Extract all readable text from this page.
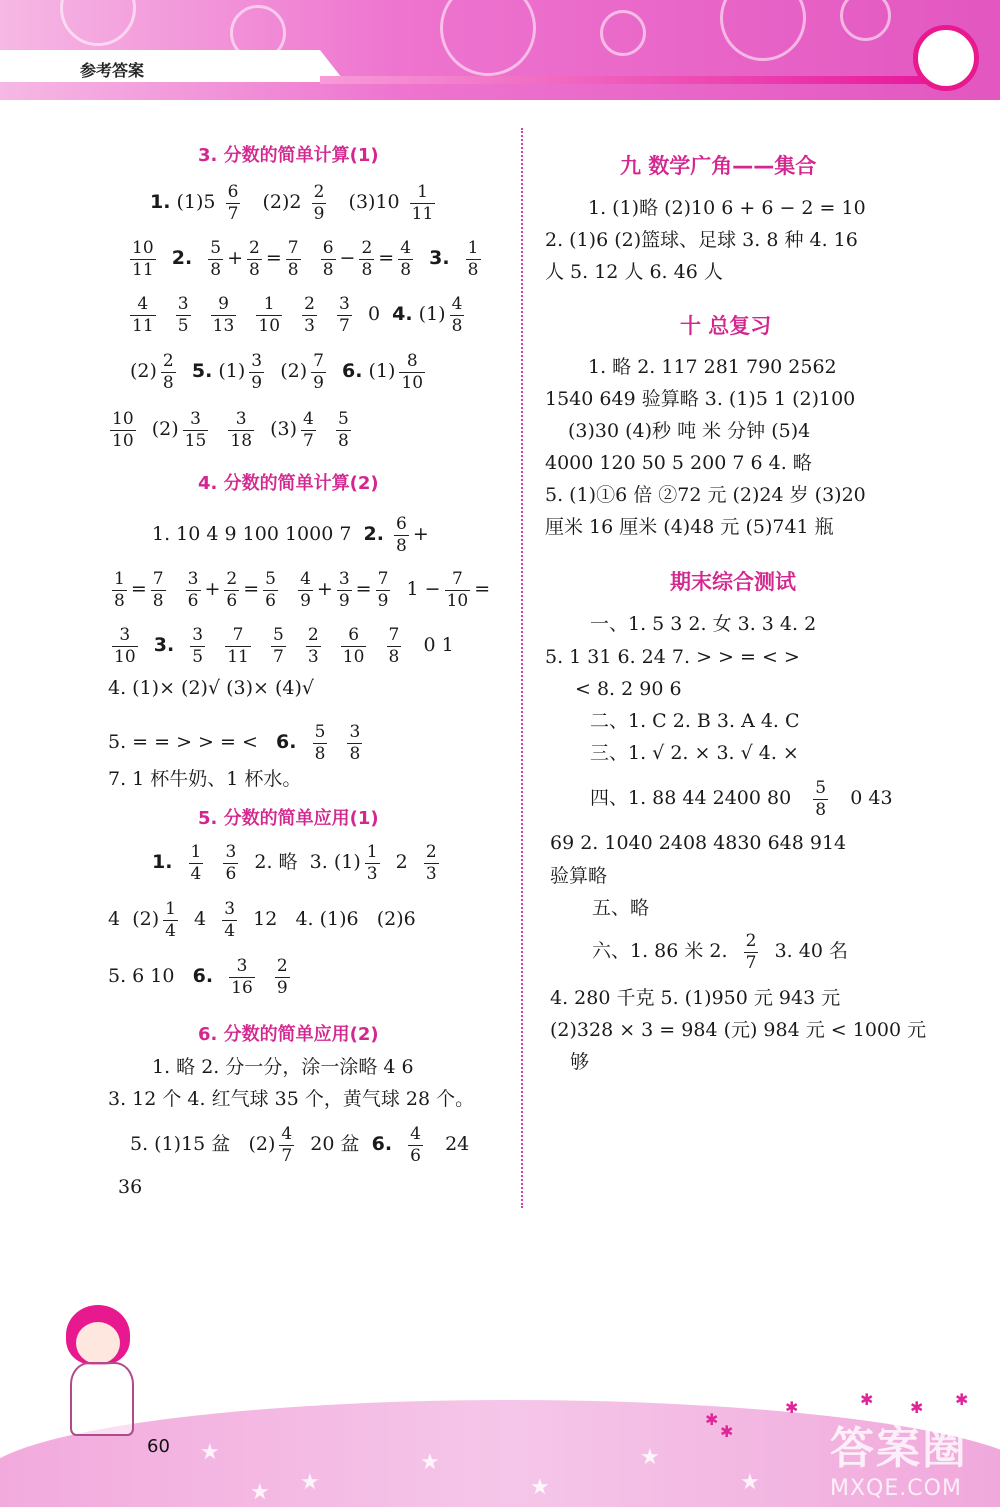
参考答案
3. 分数的简单计算(1)
1. $(1)5 \frac{6}{7} (2)2 \frac{2}{9} (3)10 \frac{1}{11}$
$\frac{10}{11} 2$. $\frac{5}{8} + \frac{2}{8} = \frac{7}{8}$
$\frac{6}{8} - \frac{2}{8} = \frac{4}{8} 3$. $\frac{1}{8}$
$\frac{4}{11}$
$\frac{3}{5}$
$\frac{9}{13}$
$\frac{1}{10}$
$\frac{2}{3}$
$\frac{3}{7} 0$ 4. $(1) \frac{4}{8}$
$(2) \frac{2}{8} 5$. $(1) \frac{3}{9} (2) \frac{7}{9} 6$. $(1) \frac{8}{10}$
$\frac{10}{10} (2) \frac{3}{15}$
$\frac{3}{18} (3) \frac{4}{7}$
$\frac{5}{8}$
4. 分数的简单计算(2)
1. 10 4 9 100 1000 7 2. $\frac{6}{8}$ +
$\frac{1}{8} = \frac{7}{8}$
$\frac{3}{6} + \frac{2}{6} = \frac{5}{6}$
$\frac{4}{9} + \frac{3}{9} = \frac{7}{9} 1 - \frac{7}{10}$ =
$\frac{3}{10} 3$. $\frac{3}{5}$
$\frac{7}{11}$
$\frac{5}{7}$
$\frac{2}{3}$
$\frac{6}{10}$
$\frac{7}{8} 0$ 1
4. (1)× (2)√ (3)× (4)√
5. = = > > = < 6. $\frac{5}{8}$
$\frac{3}{8}$
7. 1 杯牛奶、1 杯水。
5. 分数的简单应用(1)
1. $\frac{1}{4}$
$\frac{3}{6} 2$. 略 3. $(1) \frac{1}{3} 2 \frac{2}{3}$
4 $(2) \frac{1}{4} 4 \frac{3}{4} 12$ 4. (1)6 (2)6
5. 6 10 6. $\frac{3}{16}$
$\frac{2}{9}$
6. 分数的简单应用(2)
1. 略 2. 分一分，涂一涂略 4 6
3. 12 个 4. 红气球 35 个，黄气球 28 个。
5. (1)15 盆 $(2) \frac{4}{7} 20$ 盆 6. $\frac{4}{6} 24$
36
九 数学广角——集合
1. (1)略 (2)10 6 + 6 − 2 = 10
2. (1)6 (2)篮球、足球 3. 8 种 4. 16
人 5. 12 人 6. 46 人
十 总复习
1. 略 2. 117 281 790 2562
1540 649 验算略 3. (1)5 1 (2)100
(3)30 (4)秒 吨 米 分钟 (5)4
4000 120 50 5 200 7 6 4. 略
5. (1)①6 倍 ②72 元 (2)24 岁 (3)20
厘米 16 厘米 (4)48 元 (5)741 瓶
期末综合测试
一、1. 5 3 2. 女 3. 3 4. 2
5. 1 31 6. 24 7. > > = < >
< 8. 2 90 6
二、1. C 2. B 3. A 4. C
三、1. √ 2. × 3. √ 4. ×
四、1. 88 44 2400 $80 \frac{5}{8} 0$ 43
69 2. 1040 2408 4830 648 914
验算略
五、略
六、1. 86 米 2. $\frac{2}{7} 3$. 40 名
4. 280 千克 5. (1)950 元 943 元
(2)328 × 3 = 984 (元) 984 元 < 1000 元
够
★
★
★
★
★
★
★
✱
✱	✱ ✱ ✱
✱
60	答案圈
MXQE.COM
